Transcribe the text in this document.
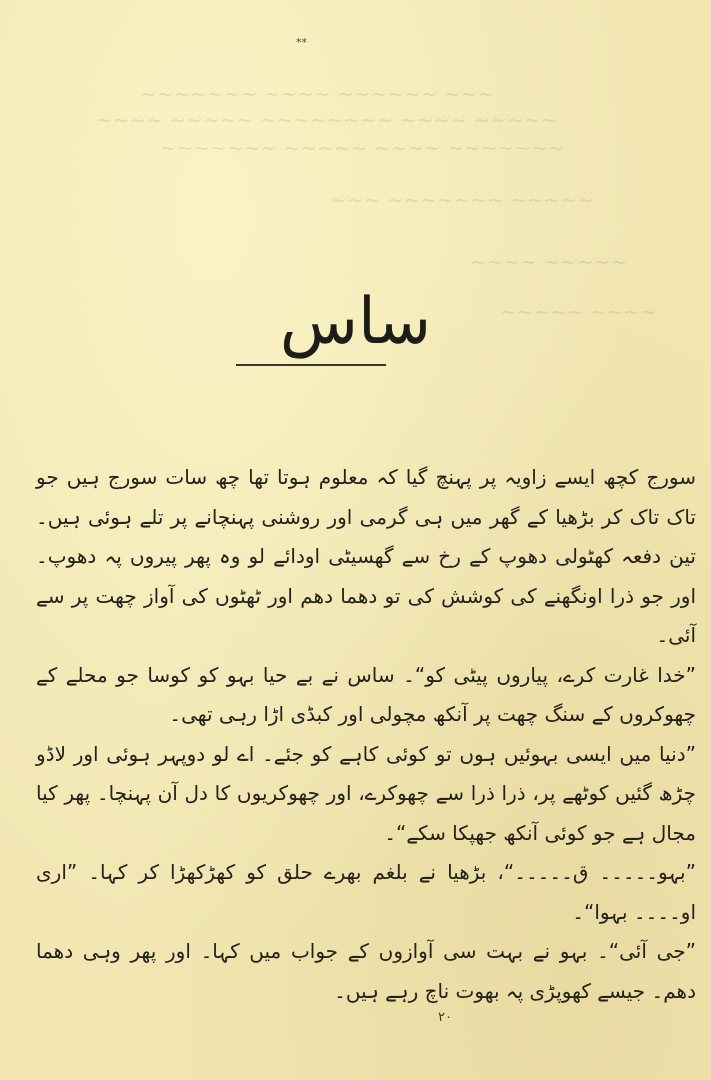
~~~ ~~~~~~ ~~~~ ~~~~~~~
~~~~~ ~~~~ ~~~~~~~~ ~~~~~ ~~~~
~~~~~~~ ~~~~ ~~~~~ ~~~~~~~
~~~~~ ~~~~~~~ ~~~
~~~~~ ~~~~
~~~~ ~~~~~
**
ساس

سورج کچھ ایسے زاویہ پر پہنچ گیا کہ معلوم ہوتا تھا چھ سات سورج ہیں جو تاک تاک کر بڑھیا کے گھر میں ہی گرمی اور روشنی پہنچانے پر تلے ہوئی ہیں۔ تین دفعہ کھٹولی دھوپ کے رخ سے گھسیٹی اودائے لو وہ پھر پیروں پہ دھوپ۔ اور جو ذرا اونگھنے کی کوشش کی تو دھما دھم اور ٹھٹوں کی آواز چھت پر سے آئی۔

”خدا غارت کرے، پیاروں پیٹی کو“۔ ساس نے بے حیا بہو کو کوسا جو محلے کے چھوکروں کے سنگ چھت پر آنکھ مچولی اور کبڈی اڑا رہی تھی۔

”دنیا میں ایسی بہوئیں ہوں تو کوئی کاہے کو جئے۔ اے لو دوپہر ہوئی اور لاڈو چڑھ گئیں کوٹھے پر، ذرا ذرا سے چھوکرے، اور چھوکریوں کا دل آن پہنچا۔ پھر کیا مجال ہے جو کوئی آنکھ جھپکا سکے“۔

”بہو۔۔۔۔۔ ق۔۔۔۔۔“، بڑھیا نے بلغم بھرے حلق کو کھڑکھڑا کر کہا۔ ”اری او۔۔۔۔ بہوا“۔

”جی آئی“۔ بہو نے بہت سی آوازوں کے جواب میں کہا۔ اور پھر وہی دھما دھم۔ جیسے کھوپڑی پہ بھوت ناچ رہے ہیں۔

۲۰
